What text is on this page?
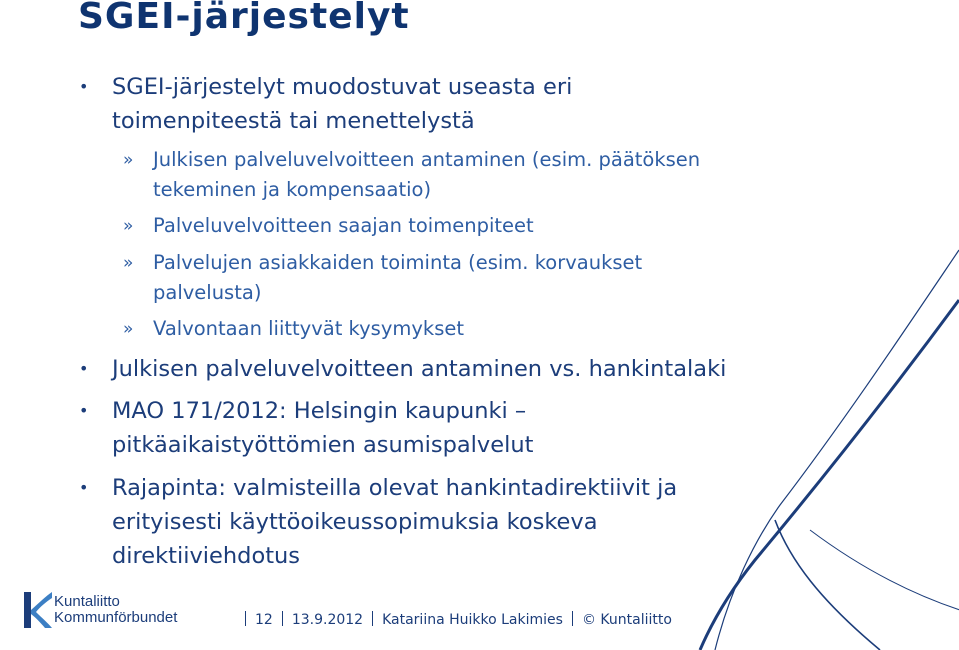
SGEI-järjestelyt
• SGEI-järjestelyt muodostuvat useasta eri
toimenpiteestä tai menettelystä
» Julkisen palveluvelvoitteen antaminen (esim. päätöksen
tekeminen ja kompensaatio)
» Palveluvelvoitteen saajan toimenpiteet
» Palvelujen asiakkaiden toiminta (esim. korvaukset
palvelusta)
» Valvontaan liittyvät kysymykset
• Julkisen palveluvelvoitteen antaminen vs. hankintalaki
• MAO 171/2012: Helsingin kaupunki –
pitkäaikaistyöttömien asumispalvelut
• Rajapinta: valmisteilla olevat hankintadirektiivit ja
erityisesti käyttöoikeussopimuksia koskeva
direktiiviehdotus
Kuntaliitto
Kommunförbundet	12 13.9.2012 Katariina Huikko Lakimies © Kuntaliitto
